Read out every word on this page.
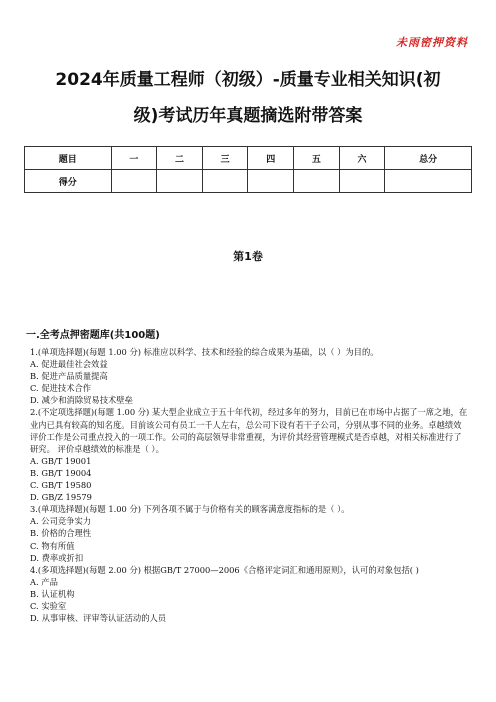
未雨密押资料
2024年质量工程师（初级）-质量专业相关知识(初
级)考试历年真题摘选附带答案
题目	一	二	三	四	五	六	总分
得分							
第1卷
一.全考点押密题库(共100题)
1.(单项选择题)(每题 1.00 分) 标准应以科学、技术和经验的综合成果为基础，以（ ）为目的。
A. 促进最佳社会效益
B. 促进产品质量提高
C. 促进技术合作
D. 减少和消除贸易技术壁垒
2.(不定项选择题)(每题 1.00 分) 某大型企业成立于五十年代初，经过多年的努力，目前已在市场中占据了一席之地，在业内已具有较高的知名度。目前该公司有员工一千人左右，总公司下设有若干子公司，分别从事不同的业务。卓越绩效评价工作是公司重点投入的一项工作。公司的高层领导非常重视，为评价其经营管理模式是否卓越，对相关标准进行了研究。 评价卓越绩效的标准是（ ）。
A. GB/T 19001
B. GB/T 19004
C. GB/T 19580
D. GB/Z 19579
3.(单项选择题)(每题 1.00 分) 下列各项不属于与价格有关的顾客满意度指标的是（ ）。
A. 公司竞争实力
B. 价格的合理性
C. 物有所值
D. 费率或折扣
4.(多项选择题)(每题 2.00 分) 根据GB/T 27000—2006《合格评定词汇和通用原则》，认可的对象包括( )
A. 产品
B. 认证机构
C. 实验室
D. 从事审核、评审等认证活动的人员
